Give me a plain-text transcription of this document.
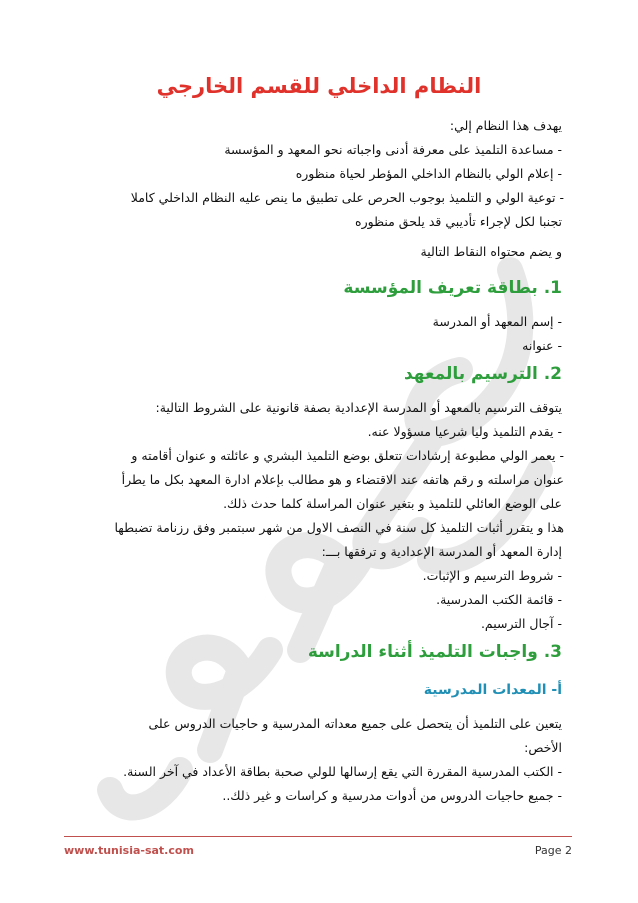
النظام الداخلي للقسم الخارجي
يهدف هذا النظام إلي:
- مساعدة التلميذ على معرفة أدنى واجباته نحو المعهد و المؤسسة
- إعلام الولي بالنظام الداخلي المؤطر لحياة منظوره
- توعية الولي و التلميذ بوجوب الحرص على تطبيق ما ينص عليه النظام الداخلي كاملا
تجنبا لكل لإجراء تأديبي قد يلحق منظوره
و يضم محتواه النقاط التالية
1. بطاقة تعريف المؤسسة
- إسم المعهد أو المدرسة
- عنوانه
2. الترسيم بالمعهد
يتوقف الترسيم بالمعهد أو المدرسة الإعدادية بصفة قانونية على الشروط التالية:
- يقدم التلميذ وليا شرعيا مسؤولا عنه.
- يعمر الولي مطبوعة إرشادات تتعلق بوضع التلميذ البشري و عائلته و عنوان أقامته و
عنوان مراسلته و رقم هاتفه عند الاقتضاء و هو مطالب بإعلام ادارة المعهد بكل ما يطرأ
على الوضع العائلي للتلميذ و بتغير عنوان المراسلة كلما حدث ذلك.
هذا و يتقرر أثبات التلميذ كل سنة في النصف الاول من شهر سبتمبر وفق رزنامة تضبطها
إدارة المعهد أو المدرسة الإعدادية و ترفقها بـــ:
- شروط الترسيم و الإثبات.
- قائمة الكتب المدرسية.
- آجال الترسيم.
3. واجبات التلميذ أثناء الدراسة
أ- المعدات المدرسية
يتعين على التلميذ أن يتحصل على جميع معداته المدرسية و حاجيات الدروس على
الأخص:
- الكتب المدرسية المقررة التي يقع إرسالها للولي صحبة بطاقة الأعداد في آخر السنة.
- جميع حاجيات الدروس من أدوات مدرسية و كراسات و غير ذلك..
www.tunisia-sat.com	Page 2
